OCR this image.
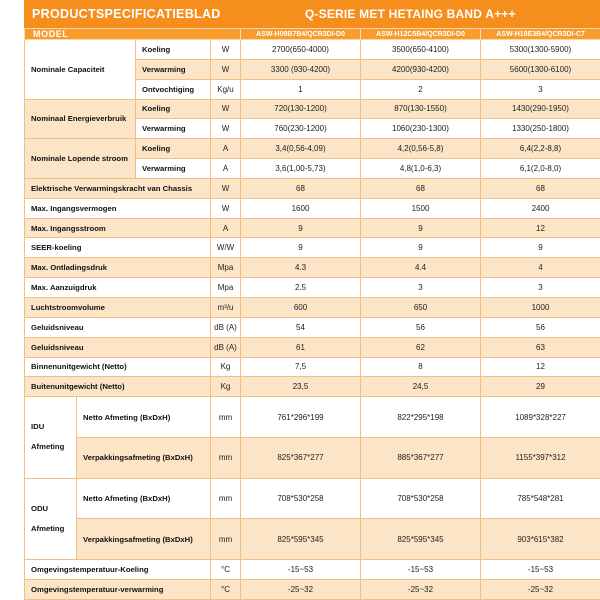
PRODUCTSPECIFICATIEBLAD	Q-SERIE MET HETAING BAND A+++
MODEL				ASW-H09B7B4/QCR3DI-D0	ASW-H12C5B4/QCR3DI-D0	ASW-H18E3B4/QCR3DI-C7
Nominale Capaciteit		Koeling	W	2700(650-4000)	3500(650-4100)	5300(1300-5900)
		Verwarming	W	3300 (930-4200)	4200(930-4200)	5600(1300-6100)
		Ontvochtiging	Kg/u	1	2	3
Nominaal Energieverbruik		Koeling	W	720(130-1200)	870(130-1550)	1430(290-1950)
		Verwarming	W	760(230-1200)	1060(230-1300)	1330(250-1800)
Nominale Lopende stroom		Koeling	A	3,4(0,56-4,09)	4,2(0,56-5,8)	6,4(2,2-8,8)
		Verwarming	A	3,6(1,00-5,73)	4,8(1,0-6,3)	6,1(2,0-8,0)
Elektrische Verwarmingskracht van Chassis			W	68	68	68
Max. Ingangsvermogen			W	1600	1500	2400
Max. Ingangsstroom			A	9	9	12
SEER-koeling			W/W	9	9	9
Max. Ontladingsdruk			Mpa	4.3	4.4	4
Max. Aanzuigdruk			Mpa	2.5	3	3
Luchtstroomvolume			m³/u	600	650	1000
Geluidsniveau			dB (A)	54	56	56
Geluidsniveau			dB (A)	61	62	63
Binnenunitgewicht (Netto)			Kg	7,5	8	12
Buitenunitgewicht (Netto)			Kg	23,5	24,5	29

IDU
Afmeting	Netto Afmeting (BxDxH)		mm	761*296*199	822*295*198	1089*328*227
	Verpakkingsafmeting (BxDxH)		mm	825*367*277	885*367*277	1155*397*312

ODU
Afmeting	Netto Afmeting (BxDxH)		mm	708*530*258	708*530*258	785*548*281
	Verpakkingsafmeting (BxDxH)		mm	825*595*345	825*595*345	903*615*382
Omgevingstemperatuur-Koeling			°C	-15~53	-15~53	-15~53
Omgevingstemperatuur-verwarming			°C	-25~32	-25~32	-25~32
